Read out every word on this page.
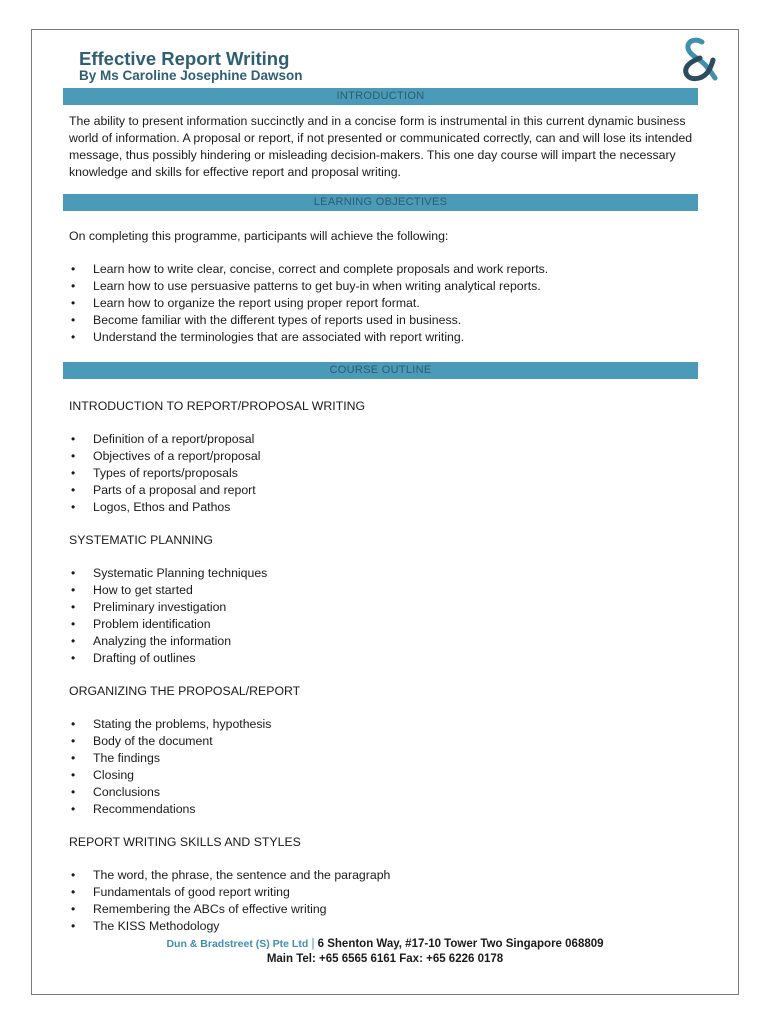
Effective Report Writing
By Ms Caroline Josephine Dawson
INTRODUCTION

The ability to present information succinctly and in a concise form is instrumental in this current dynamic business world of information. A proposal or report, if not presented or communicated correctly, can and will lose its intended message, thus possibly hindering or misleading decision-makers. This one day course will impart the necessary knowledge and skills for effective report and proposal writing.

LEARNING OBJECTIVES

On completing this programme, participants will achieve the following:

• Learn how to write clear, concise, correct and complete proposals and work reports.
• Learn how to use persuasive patterns to get buy-in when writing analytical reports.
• Learn how to organize the report using proper report format.
• Become familiar with the different types of reports used in business.
• Understand the terminologies that are associated with report writing.
COURSE OUTLINE

INTRODUCTION TO REPORT/PROPOSAL WRITING

• Definition of a report/proposal
• Objectives of a report/proposal
• Types of reports/proposals
• Parts of a proposal and report
• Logos, Ethos and Pathos

SYSTEMATIC PLANNING

• Systematic Planning techniques
• How to get started
• Preliminary investigation
• Problem identification
• Analyzing the information
• Drafting of outlines

ORGANIZING THE PROPOSAL/REPORT

• Stating the problems, hypothesis
• Body of the document
• The findings
• Closing
• Conclusions
• Recommendations

REPORT WRITING SKILLS AND STYLES

• The word, the phrase, the sentence and the paragraph
• Fundamentals of good report writing
• Remembering the ABCs of effective writing
• The KISS Methodology

Dun & Bradstreet (S) Pte Ltd | 6 Shenton Way, #17-10 Tower Two Singapore 068809

Main Tel: +65 6565 6161 Fax: +65 6226 0178
